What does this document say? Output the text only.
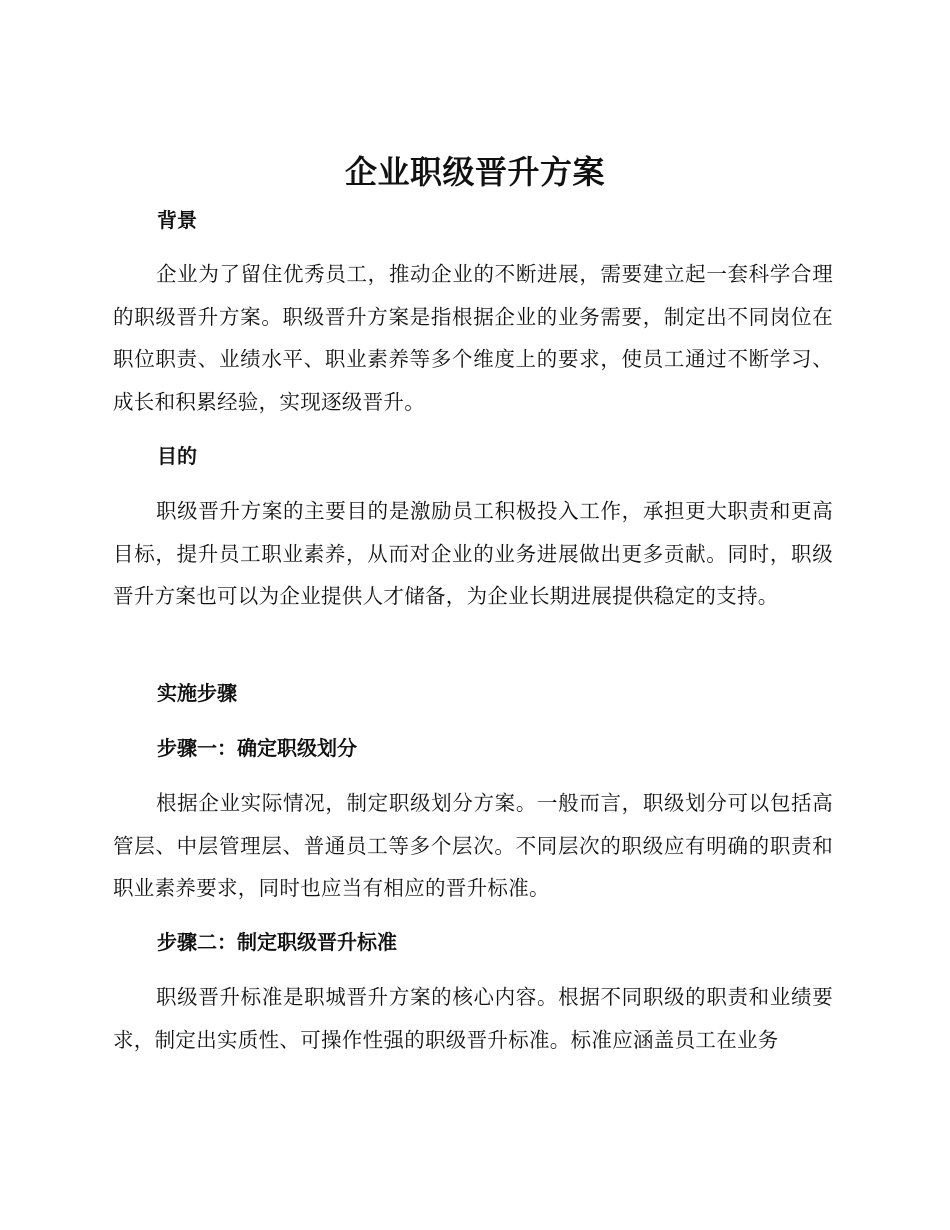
企业职级晋升方案
背景
企业为了留住优秀员工，推动企业的不断进展，需要建立起一套科学合理的职级晋升方案。职级晋升方案是指根据企业的业务需要，制定出不同岗位在职位职责、业绩水平、职业素养等多个维度上的要求，使员工通过不断学习、成长和积累经验，实现逐级晋升。
目的
职级晋升方案的主要目的是激励员工积极投入工作，承担更大职责和更高目标，提升员工职业素养，从而对企业的业务进展做出更多贡献。同时，职级晋升方案也可以为企业提供人才储备，为企业长期进展提供稳定的支持。
实施步骤
步骤一：确定职级划分
根据企业实际情况，制定职级划分方案。一般而言，职级划分可以包括高管层、中层管理层、普通员工等多个层次。不同层次的职级应有明确的职责和职业素养要求，同时也应当有相应的晋升标准。
步骤二：制定职级晋升标准
职级晋升标准是职城晋升方案的核心内容。根据不同职级的职责和业绩要求，制定出实质性、可操作性强的职级晋升标准。标准应涵盖员工在业务
